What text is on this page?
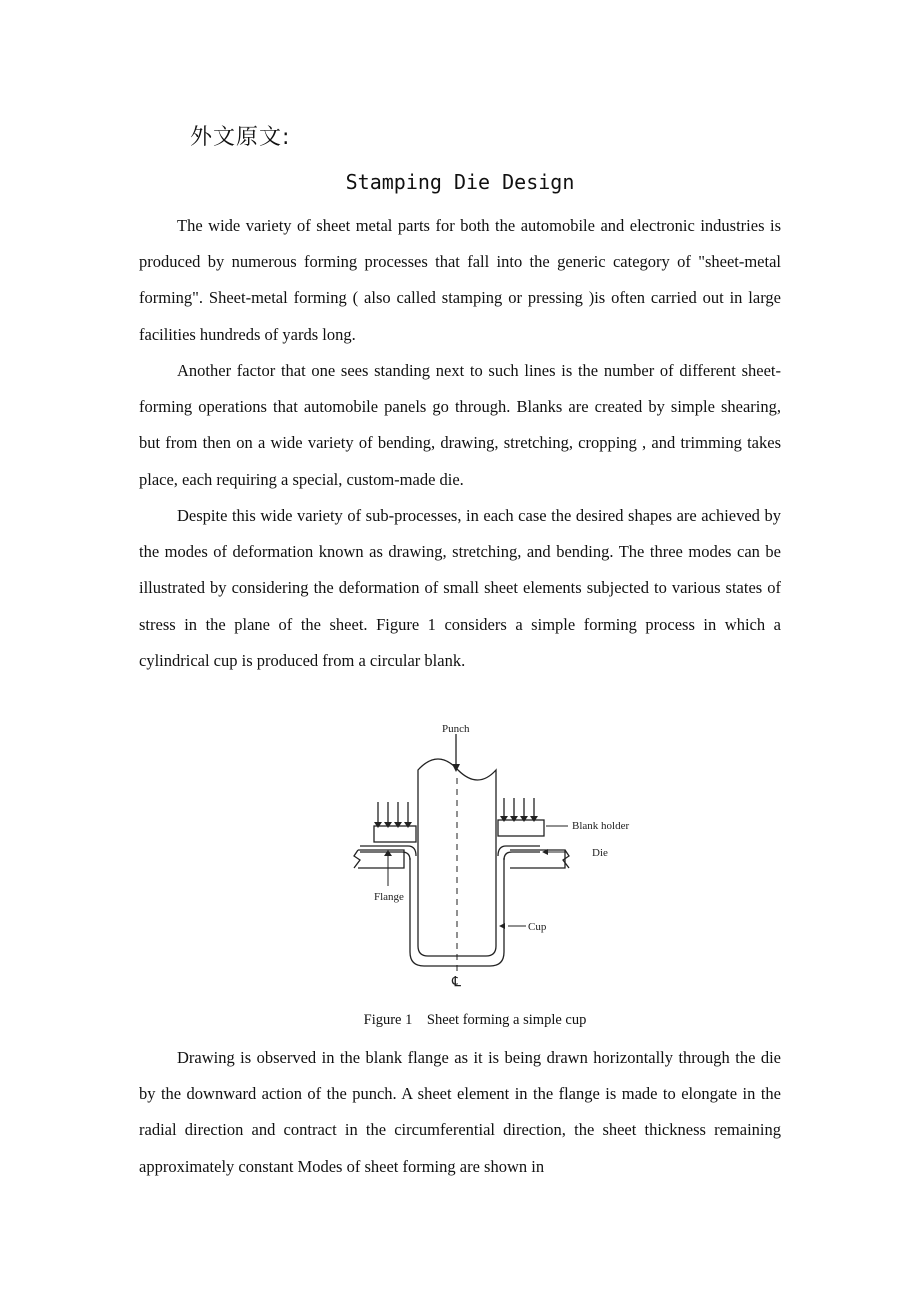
外文原文:
Stamping Die Design

The wide variety of sheet metal parts for both the automobile and electronic industries is produced by numerous forming processes that fall into the generic category of "sheet-metal forming". Sheet-metal forming ( also called stamping or pressing )is often carried out in large facilities hundreds of yards long.

Another factor that one sees standing next to such lines is the number of different sheet-forming operations that automobile panels go through. Blanks are created by simple shearing, but from then on a wide variety of bending, drawing, stretching, cropping , and trimming takes place, each requiring a special, custom-made die.

Despite this wide variety of sub-processes, in each case the desired shapes are achieved by the modes of deformation known as drawing, stretching, and bending. The three modes can be illustrated by considering the deformation of small sheet elements subjected to various states of stress in the plane of the sheet. Figure 1 considers a simple forming process in which a cylindrical cup is produced from a circular blank.

Punch
Blank holder
Die
Flange
Cup
℄
Figure 1 Sheet forming a simple cup

Drawing is observed in the blank flange as it is being drawn horizontally through the die by the downward action of the punch. A sheet element in the flange is made to elongate in the radial direction and contract in the circumferential direction, the sheet thickness remaining approximately constant Modes of sheet forming are shown in
